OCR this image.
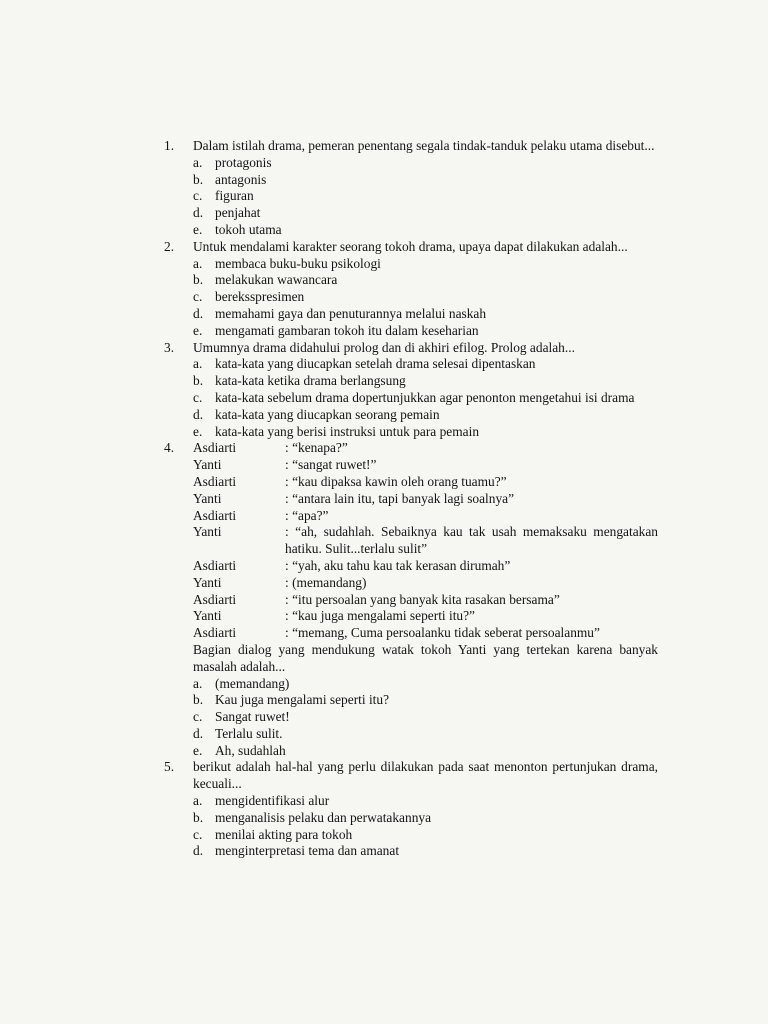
1.	Dalam istilah drama, pemeran penentang segala tindak-tanduk pelaku utama disebut...
a. protagonis
b. antagonis
c. figuran
d. penjahat
e. tokoh utama
2.	Untuk mendalami karakter seorang tokoh drama, upaya dapat dilakukan adalah...
a. membaca buku-buku psikologi
b. melakukan wawancara
c. bereksspresimen
d. memahami gaya dan penuturannya melalui naskah
e. mengamati gambaran tokoh itu dalam keseharian
3.	Umumnya drama didahului prolog dan di akhiri efilog. Prolog adalah...
a. kata-kata yang diucapkan setelah drama selesai dipentaskan
b. kata-kata ketika drama berlangsung
c. kata-kata sebelum drama dopertunjukkan agar penonton mengetahui isi drama
d. kata-kata yang diucapkan seorang pemain
e. kata-kata yang berisi instruksi untuk para pemain
4.	Asdiarti	: “kenapa?”
Yanti	: “sangat ruwet!”
Asdiarti	: “kau dipaksa kawin oleh orang tuamu?”
Yanti	: “antara lain itu, tapi banyak lagi soalnya”
Asdiarti	: “apa?”
Yanti	: “ah, sudahlah. Sebaiknya kau tak usah memaksaku mengatakan hatiku. Sulit...terlalu sulit”
Asdiarti	: “yah, aku tahu kau tak kerasan dirumah”
Yanti	: (memandang)
Asdiarti	: “itu persoalan yang banyak kita rasakan bersama”
Yanti	: “kau juga mengalami seperti itu?”
Asdiarti	: “memang, Cuma persoalanku tidak seberat persoalanmu”
Bagian dialog yang mendukung watak tokoh Yanti yang tertekan karena banyak masalah adalah...
a. (memandang)
b. Kau juga mengalami seperti itu?
c. Sangat ruwet!
d. Terlalu sulit.
e. Ah, sudahlah
5.	berikut adalah hal-hal yang perlu dilakukan pada saat menonton pertunjukan drama, kecuali...
a. mengidentifikasi alur
b. menganalisis pelaku dan perwatakannya
c. menilai akting para tokoh
d. menginterpretasi tema dan amanat
